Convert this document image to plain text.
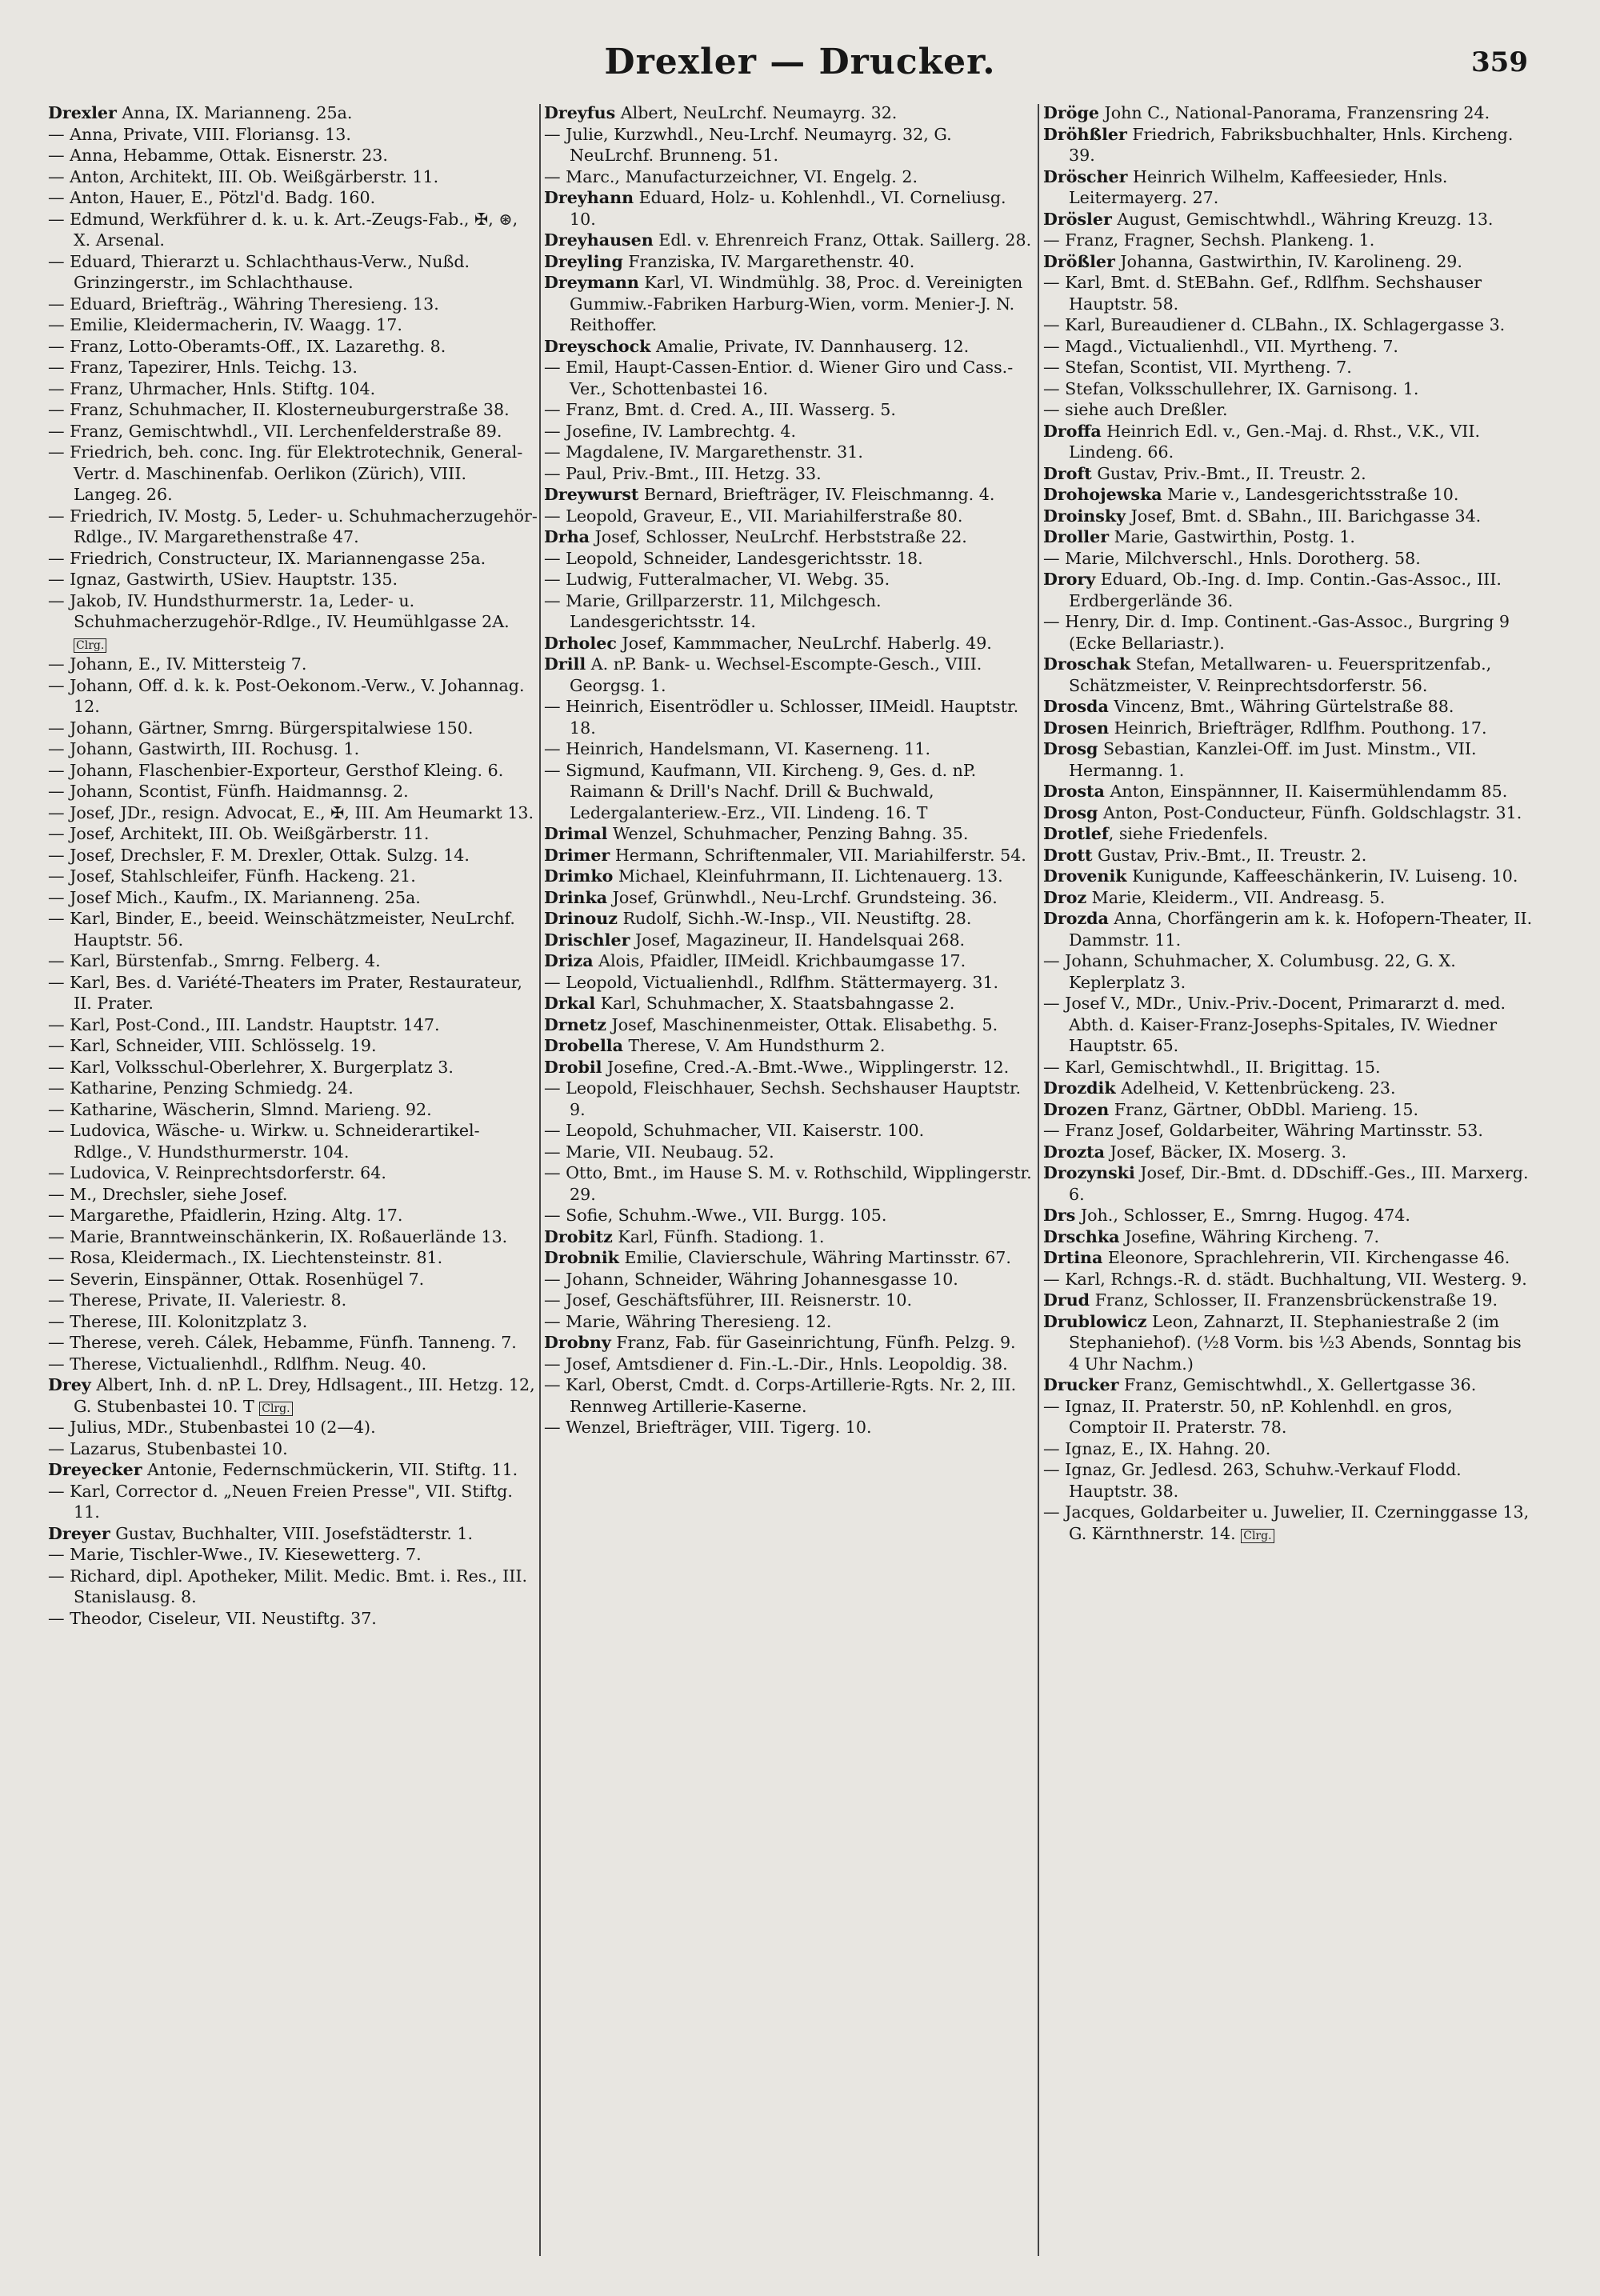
Drexler — Drucker.	359
Drexler Anna, IX. Marianneng. 25a.
— Anna, Private, VIII. Floriansg. 13.
— Anna, Hebamme, Ottak. Eisnerstr. 23.
— Anton, Architekt, III. Ob. Weißgärberstr. 11.
— Anton, Hauer, E., Pötzl'd. Badg. 160.
— Edmund, Werkführer d. k. u. k. Art.-Zeugs-Fab., ✠, ⊛, X. Arsenal.
— Eduard, Thierarzt u. Schlachthaus-Verw., Nußd. Grinzingerstr., im Schlachthause.
— Eduard, Briefträg., Währing Theresieng. 13.
— Emilie, Kleidermacherin, IV. Waagg. 17.
— Franz, Lotto-Oberamts-Off., IX. Lazarethg. 8.
— Franz, Tapezirer, Hnls. Teichg. 13.
— Franz, Uhrmacher, Hnls. Stiftg. 104.
— Franz, Schuhmacher, II. Klosterneuburgerstraße 38.
— Franz, Gemischtwhdl., VII. Lerchenfelderstraße 89.
— Friedrich, beh. conc. Ing. für Elektrotechnik, General-Vertr. d. Maschinenfab. Oerlikon (Zürich), VIII. Langeg. 26.
— Friedrich, IV. Mostg. 5, Leder- u. Schuhmacherzugehör-Rdlge., IV. Margarethenstraße 47.
— Friedrich, Constructeur, IX. Mariannengasse 25a.
— Ignaz, Gastwirth, USiev. Hauptstr. 135.
— Jakob, IV. Hundsthurmerstr. 1a, Leder- u. Schuhmacherzugehör-Rdlge., IV. Heumühlgasse 2A. Clrg.
— Johann, E., IV. Mittersteig 7.
— Johann, Off. d. k. k. Post-Oekonom.-Verw., V. Johannag. 12.
— Johann, Gärtner, Smrng. Bürgerspitalwiese 150.
— Johann, Gastwirth, III. Rochusg. 1.
— Johann, Flaschenbier-Exporteur, Gersthof Kleing. 6.
— Johann, Scontist, Fünfh. Haidmannsg. 2.
— Josef, JDr., resign. Advocat, E., ✠, III. Am Heumarkt 13.
— Josef, Architekt, III. Ob. Weißgärberstr. 11.
— Josef, Drechsler, F. M. Drexler, Ottak. Sulzg. 14.
— Josef, Stahlschleifer, Fünfh. Hackeng. 21.
— Josef Mich., Kaufm., IX. Marianneng. 25a.
— Karl, Binder, E., beeid. Weinschätzmeister, NeuLrchf. Hauptstr. 56.
— Karl, Bürstenfab., Smrng. Felberg. 4.
— Karl, Bes. d. Variété-Theaters im Prater, Restaurateur, II. Prater.
— Karl, Post-Cond., III. Landstr. Hauptstr. 147.
— Karl, Schneider, VIII. Schlösselg. 19.
— Karl, Volksschul-Oberlehrer, X. Burgerplatz 3.
— Katharine, Penzing Schmiedg. 24.
— Katharine, Wäscherin, Slmnd. Marieng. 92.
— Ludovica, Wäsche- u. Wirkw. u. Schneiderartikel-Rdlge., V. Hundsthurmerstr. 104.
— Ludovica, V. Reinprechtsdorferstr. 64.
— M., Drechsler, siehe Josef.
— Margarethe, Pfaidlerin, Hzing. Altg. 17.
— Marie, Branntweinschänkerin, IX. Roßauerlände 13.
— Rosa, Kleidermach., IX. Liechtensteinstr. 81.
— Severin, Einspänner, Ottak. Rosenhügel 7.
— Therese, Private, II. Valeriestr. 8.
— Therese, III. Kolonitzplatz 3.
— Therese, vereh. Cálek, Hebamme, Fünfh. Tanneng. 7.
— Therese, Victualienhdl., Rdlfhm. Neug. 40.
Drey Albert, Inh. d. nP. L. Drey, Hdlsagent., III. Hetzg. 12, G. Stubenbastei 10. T Clrg.
— Julius, MDr., Stubenbastei 10 (2—4).
— Lazarus, Stubenbastei 10.
Dreyecker Antonie, Federnschmückerin, VII. Stiftg. 11.
— Karl, Corrector d. „Neuen Freien Presse", VII. Stiftg. 11.
Dreyer Gustav, Buchhalter, VIII. Josefstädterstr. 1.
— Marie, Tischler-Wwe., IV. Kiesewetterg. 7.
— Richard, dipl. Apotheker, Milit. Medic. Bmt. i. Res., III. Stanislausg. 8.
— Theodor, Ciseleur, VII. Neustiftg. 37.
Dreyfus Albert, NeuLrchf. Neumayrg. 32.
— Julie, Kurzwhdl., Neu-Lrchf. Neumayrg. 32, G. NeuLrchf. Brunneng. 51.
— Marc., Manufacturzeichner, VI. Engelg. 2.
Dreyhann Eduard, Holz- u. Kohlenhdl., VI. Corneliusg. 10.
Dreyhausen Edl. v. Ehrenreich Franz, Ottak. Saillerg. 28.
Dreyling Franziska, IV. Margarethenstr. 40.
Dreymann Karl, VI. Windmühlg. 38, Proc. d. Vereinigten Gummiw.-Fabriken Harburg-Wien, vorm. Menier-J. N. Reithoffer.
Dreyschock Amalie, Private, IV. Dannhauserg. 12.
— Emil, Haupt-Cassen-Entior. d. Wiener Giro und Cass.-Ver., Schottenbastei 16.
— Franz, Bmt. d. Cred. A., III. Wasserg. 5.
— Josefine, IV. Lambrechtg. 4.
— Magdalene, IV. Margarethenstr. 31.
— Paul, Priv.-Bmt., III. Hetzg. 33.
Dreywurst Bernard, Briefträger, IV. Fleischmanng. 4.
— Leopold, Graveur, E., VII. Mariahilferstraße 80.
Drha Josef, Schlosser, NeuLrchf. Herbststraße 22.
— Leopold, Schneider, Landesgerichtsstr. 18.
— Ludwig, Futteralmacher, VI. Webg. 35.
— Marie, Grillparzerstr. 11, Milchgesch. Landesgerichtsstr. 14.
Drholec Josef, Kammmacher, NeuLrchf. Haberlg. 49.
Drill A. nP. Bank- u. Wechsel-Escompte-Gesch., VIII. Georgsg. 1.
— Heinrich, Eisentrödler u. Schlosser, IIMeidl. Hauptstr. 18.
— Heinrich, Handelsmann, VI. Kaserneng. 11.
— Sigmund, Kaufmann, VII. Kircheng. 9, Ges. d. nP. Raimann & Drill's Nachf. Drill & Buchwald, Ledergalanteriew.-Erz., VII. Lindeng. 16. T
Drimal Wenzel, Schuhmacher, Penzing Bahng. 35.
Drimer Hermann, Schriftenmaler, VII. Mariahilferstr. 54.
Drimko Michael, Kleinfuhrmann, II. Lichtenauerg. 13.
Drinka Josef, Grünwhdl., Neu-Lrchf. Grundsteing. 36.
Drinouz Rudolf, Sichh.-W.-Insp., VII. Neustiftg. 28.
Drischler Josef, Magazineur, II. Handelsquai 268.
Driza Alois, Pfaidler, IIMeidl. Krichbaumgasse 17.
— Leopold, Victualienhdl., Rdlfhm. Stättermayerg. 31.
Drkal Karl, Schuhmacher, X. Staatsbahngasse 2.
Drnetz Josef, Maschinenmeister, Ottak. Elisabethg. 5.
Drobella Therese, V. Am Hundsthurm 2.
Drobil Josefine, Cred.-A.-Bmt.-Wwe., Wipplingerstr. 12.
— Leopold, Fleischhauer, Sechsh. Sechshauser Hauptstr. 9.
— Leopold, Schuhmacher, VII. Kaiserstr. 100.
— Marie, VII. Neubaug. 52.
— Otto, Bmt., im Hause S. M. v. Rothschild, Wipplingerstr. 29.
— Sofie, Schuhm.-Wwe., VII. Burgg. 105.
Drobitz Karl, Fünfh. Stadiong. 1.
Drobnik Emilie, Clavierschule, Währing Martinsstr. 67.
— Johann, Schneider, Währing Johannesgasse 10.
— Josef, Geschäftsführer, III. Reisnerstr. 10.
— Marie, Währing Theresieng. 12.
Drobny Franz, Fab. für Gaseinrichtung, Fünfh. Pelzg. 9.
— Josef, Amtsdiener d. Fin.-L.-Dir., Hnls. Leopoldig. 38.
— Karl, Oberst, Cmdt. d. Corps-Artillerie-Rgts. Nr. 2, III. Rennweg Artillerie-Kaserne.
— Wenzel, Briefträger, VIII. Tigerg. 10.
Dröge John C., National-Panorama, Franzensring 24.
Dröhßler Friedrich, Fabriksbuchhalter, Hnls. Kircheng. 39.
Dröscher Heinrich Wilhelm, Kaffeesieder, Hnls. Leitermayerg. 27.
Drösler August, Gemischtwhdl., Währing Kreuzg. 13.
— Franz, Fragner, Sechsh. Plankeng. 1.
Drößler Johanna, Gastwirthin, IV. Karolineng. 29.
— Karl, Bmt. d. StEBahn. Gef., Rdlfhm. Sechshauser Hauptstr. 58.
— Karl, Bureaudiener d. CLBahn., IX. Schlagergasse 3.
— Magd., Victualienhdl., VII. Myrtheng. 7.
— Stefan, Scontist, VII. Myrtheng. 7.
— Stefan, Volksschullehrer, IX. Garnisong. 1.
— siehe auch Dreßler.
Droffa Heinrich Edl. v., Gen.-Maj. d. Rhst., V.K., VII. Lindeng. 66.
Droft Gustav, Priv.-Bmt., II. Treustr. 2.
Drohojewska Marie v., Landesgerichtsstraße 10.
Droinsky Josef, Bmt. d. SBahn., III. Barichgasse 34.
Droller Marie, Gastwirthin, Postg. 1.
— Marie, Milchverschl., Hnls. Dorotherg. 58.
Drory Eduard, Ob.-Ing. d. Imp. Contin.-Gas-Assoc., III. Erdbergerlände 36.
— Henry, Dir. d. Imp. Continent.-Gas-Assoc., Burgring 9 (Ecke Bellariastr.).
Droschak Stefan, Metallwaren- u. Feuerspritzenfab., Schätzmeister, V. Reinprechtsdorferstr. 56.
Drosda Vincenz, Bmt., Währing Gürtelstraße 88.
Drosen Heinrich, Briefträger, Rdlfhm. Pouthong. 17.
Drosg Sebastian, Kanzlei-Off. im Just. Minstm., VII. Hermanng. 1.
Drosta Anton, Einspännner, II. Kaisermühlendamm 85.
Drosg Anton, Post-Conducteur, Fünfh. Goldschlagstr. 31.
Drotlef, siehe Friedenfels.
Drott Gustav, Priv.-Bmt., II. Treustr. 2.
Drovenik Kunigunde, Kaffeeschänkerin, IV. Luiseng. 10.
Droz Marie, Kleiderm., VII. Andreasg. 5.
Drozda Anna, Chorfängerin am k. k. Hofopern-Theater, II. Dammstr. 11.
— Johann, Schuhmacher, X. Columbusg. 22, G. X. Keplerplatz 3.
— Josef V., MDr., Univ.-Priv.-Docent, Primararzt d. med. Abth. d. Kaiser-Franz-Josephs-Spitales, IV. Wiedner Hauptstr. 65.
— Karl, Gemischtwhdl., II. Brigittag. 15.
Drozdik Adelheid, V. Kettenbrückeng. 23.
Drozen Franz, Gärtner, ObDbl. Marieng. 15.
— Franz Josef, Goldarbeiter, Währing Martinsstr. 53.
Drozta Josef, Bäcker, IX. Moserg. 3.
Drozynski Josef, Dir.-Bmt. d. DDschiff.-Ges., III. Marxerg. 6.
Drs Joh., Schlosser, E., Smrng. Hugog. 474.
Drschka Josefine, Währing Kircheng. 7.
Drtina Eleonore, Sprachlehrerin, VII. Kirchengasse 46.
— Karl, Rchngs.-R. d. städt. Buchhaltung, VII. Westerg. 9.
Drud Franz, Schlosser, II. Franzensbrückenstraße 19.
Drublowicz Leon, Zahnarzt, II. Stephaniestraße 2 (im Stephaniehof). (½8 Vorm. bis ½3 Abends, Sonntag bis 4 Uhr Nachm.)
Drucker Franz, Gemischtwhdl., X. Gellertgasse 36.
— Ignaz, II. Praterstr. 50, nP. Kohlenhdl. en gros, Comptoir II. Praterstr. 78.
— Ignaz, E., IX. Hahng. 20.
— Ignaz, Gr. Jedlesd. 263, Schuhw.-Verkauf Flodd. Hauptstr. 38.
— Jacques, Goldarbeiter u. Juwelier, II. Czerninggasse 13, G. Kärnthnerstr. 14. Clrg.
